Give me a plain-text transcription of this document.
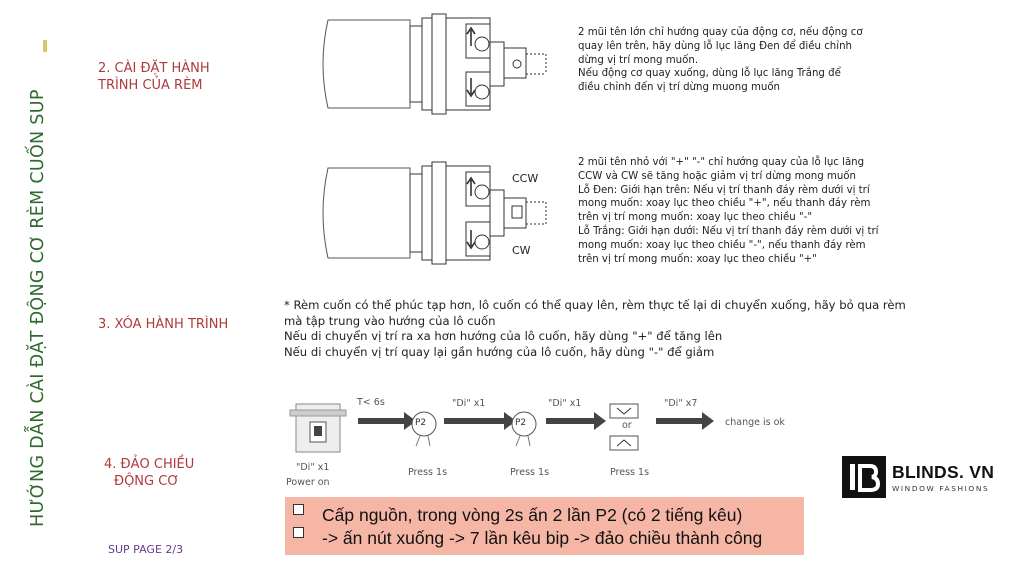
HƯỚNG DẪN CÀI ĐẶT ĐỘNG CƠ RÈM CUỐN SUP
2. CÀI ĐẶT HÀNH
TRÌNH CỦA RÈM
3. XÓA HÀNH TRÌNH
4. ĐẢO CHIỀU
ĐỘNG CƠ
2 mũi tên lớn chỉ hướng quay của động cơ, nếu động cơ
quay lên trên, hãy dùng lỗ lục lăng Đen để điều chỉnh
dừng vị trí mong muốn.
Nếu động cơ quay xuống, dùng lỗ lục lăng Trắng để
điều chỉnh đến vị trí dừng muong muốn
CCW
CW
2 mũi tên nhỏ với "+" "-" chỉ hướng quay của lỗ lục lăng
CCW và CW sẽ tăng hoặc giảm vị trí dừng mong muốn
Lỗ Đen: Giới hạn trên: Nếu vị trí thanh đáy rèm dưới vị trí
mong muốn: xoay lục theo chiều "+", nếu thanh đáy rèm
trên vị trí mong muốn: xoay lục theo chiều "-"
Lỗ Trắng: Giới hạn dưới: Nếu vị trí thanh đáy rèm dưới vị trí
mong muốn: xoay lục theo chiều "-", nếu thanh đáy rèm
trên vị trí mong muốn: xoay lục theo chiều "+"
* Rèm cuốn có thể phúc tạp hơn, lô cuốn có thể quay lên, rèm thực tế lại di chuyển xuống, hãy bỏ qua rèm
mà tập trung vào hướng của lô cuốn
Nếu di chuyển vị trí ra xa hơn hướng của lô cuốn, hãy dùng "+" để tăng lên
Nếu di chuyển vị trí quay lại gần hướng của lô cuốn, hãy dùng "-" để giảm
T< 6s
P2	P2
"Di" x1	"Di" x1	"Di" x7
or	change is ok
"Di" x1
Power on
Press 1s	Press 1s	Press 1s
Cấp nguồn, trong vòng 2s ấn 2 lần P2 (có 2 tiếng kêu)
-> ấn nút xuống -> 7 lần kêu bip -> đảo chiều thành công
SUP PAGE 2/3
BLINDS. VN
WINDOW FASHIONS
